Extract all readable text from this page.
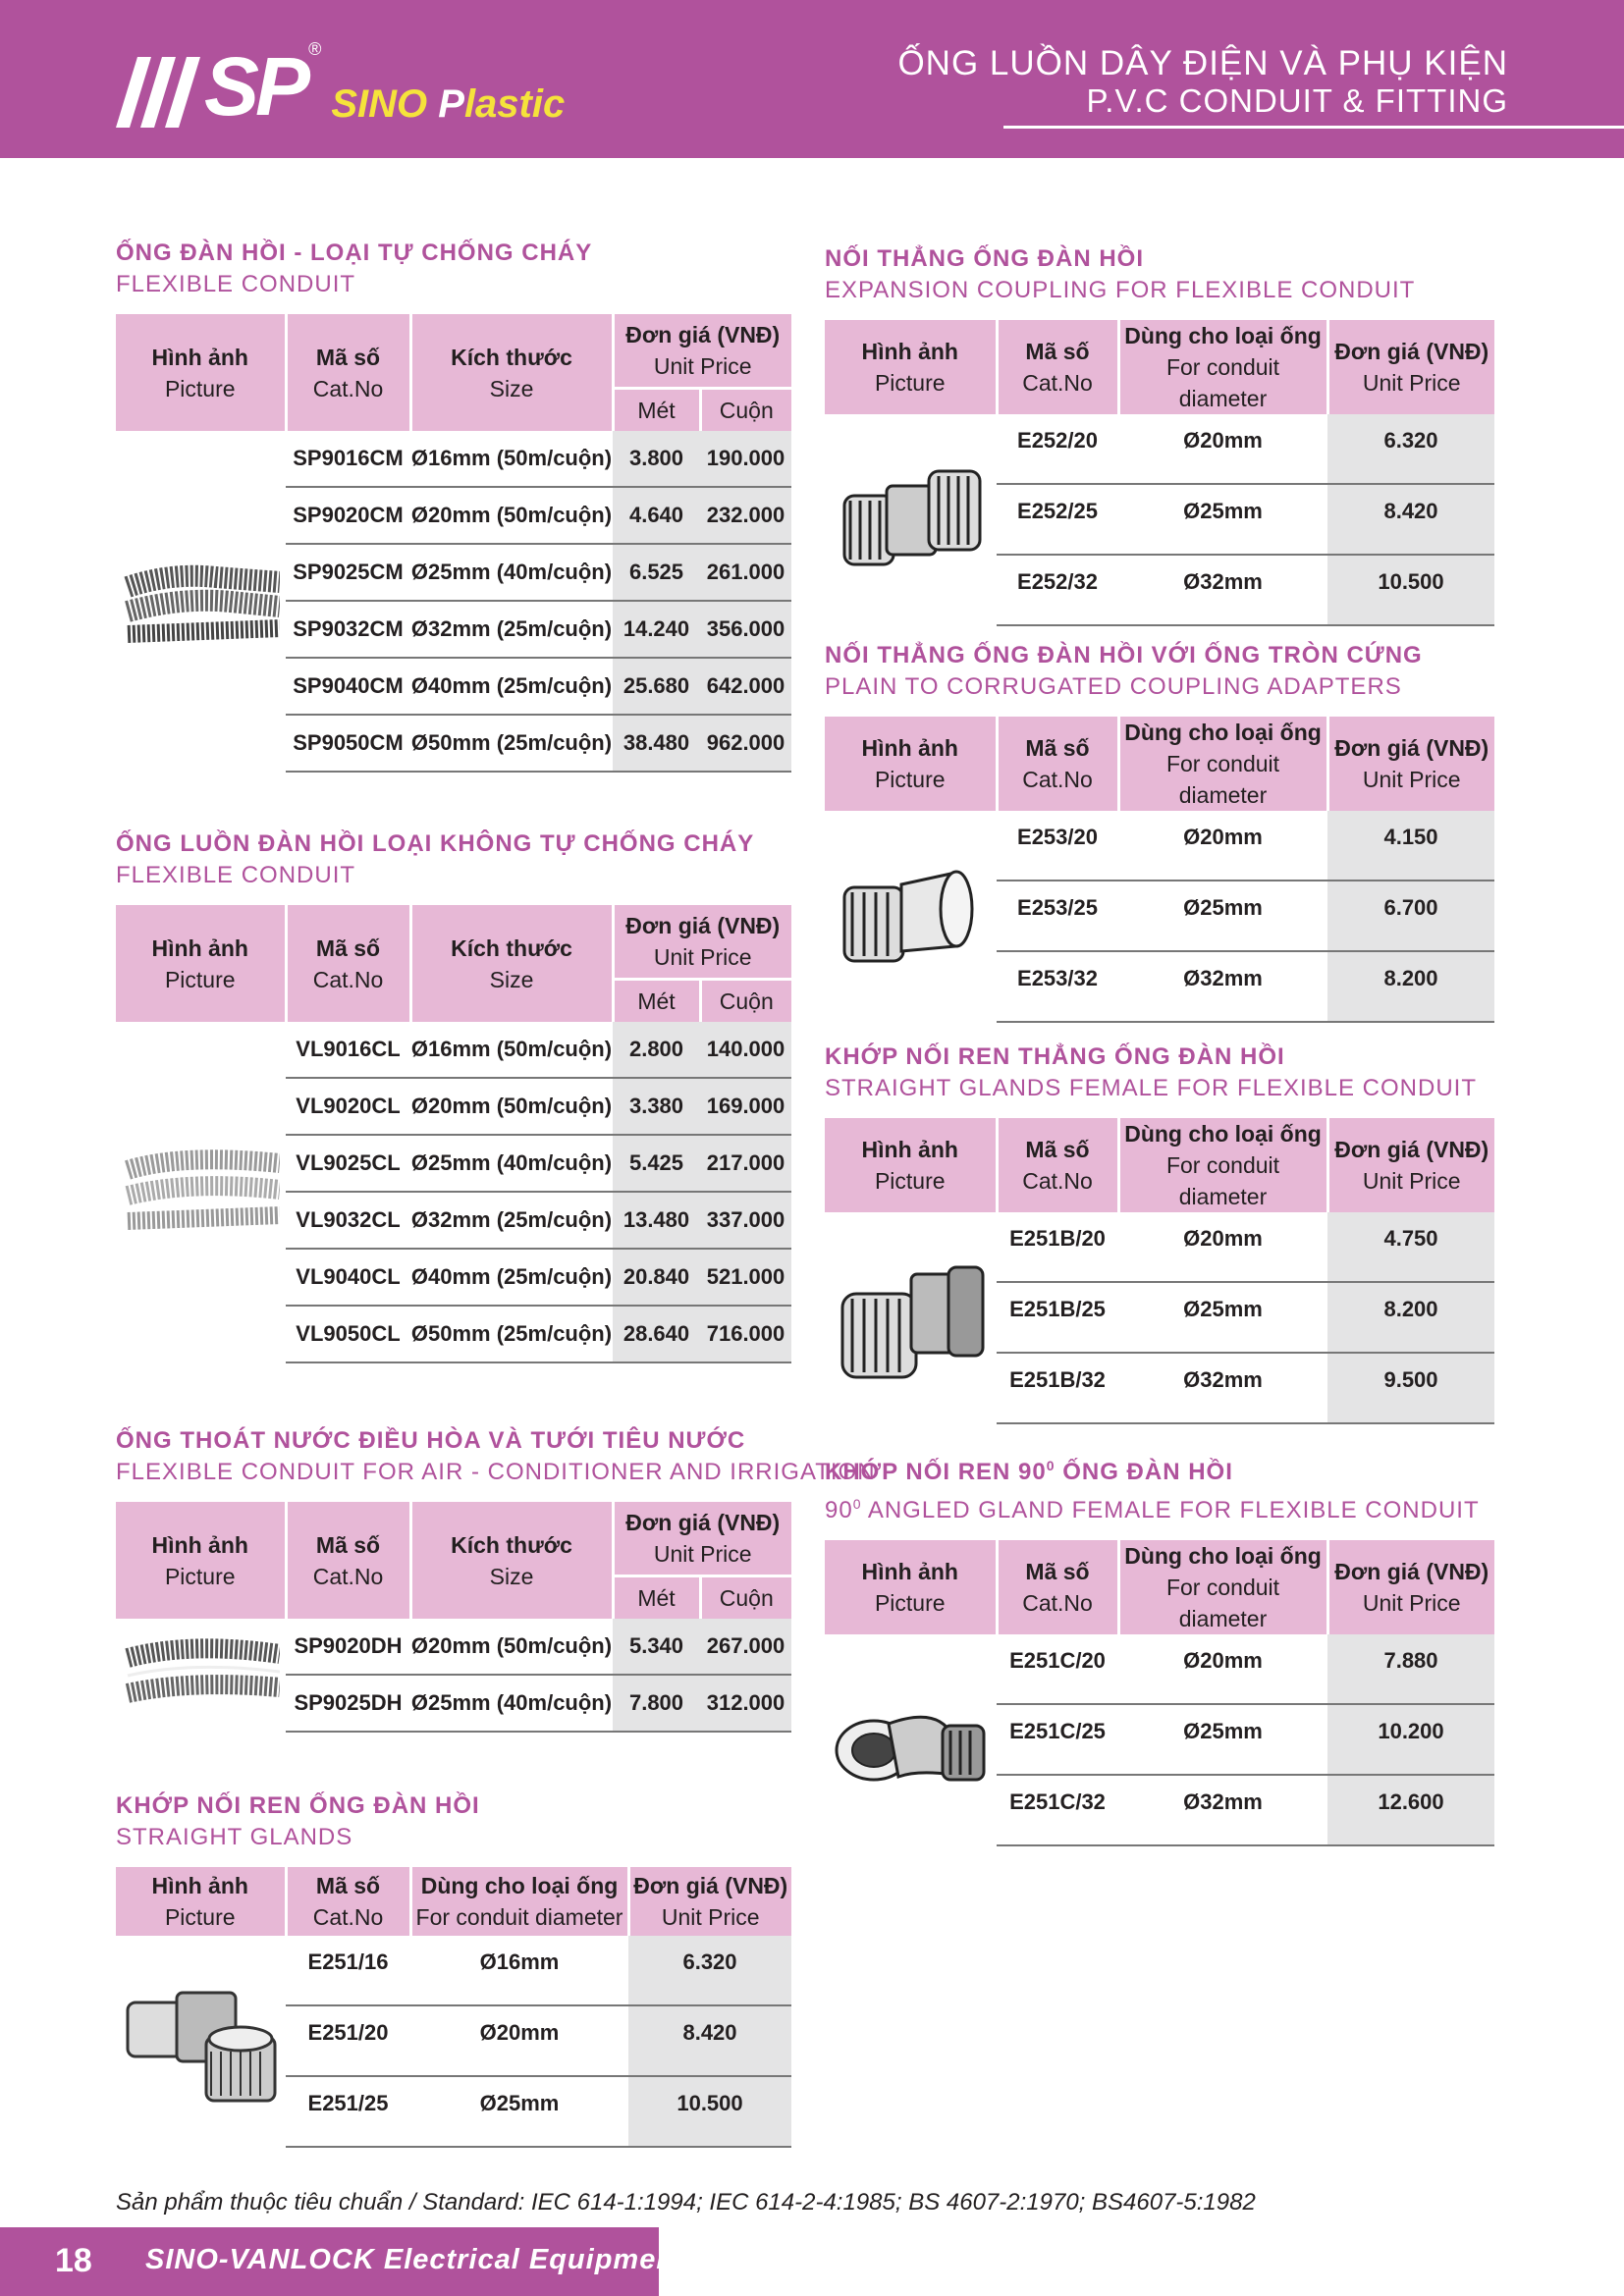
SP ®
SINO Plastic
ỐNG LUỒN DÂY ĐIỆN VÀ PHỤ KIỆN
P.V.C CONDUIT & FITTING
ỐNG ĐÀN HỒI - LOẠI TỰ CHỐNG CHÁY
FLEXIBLE CONDUIT
Hình ảnh
Picture	Mã số
Cat.No	Kích thước
Size	Đơn giá (VNĐ)
Unit Price	

			Mét	Cuộn

	SP9016CM	Ø16mm (50m/cuộn)	3.800	190.000
	SP9020CM	Ø20mm (50m/cuộn)	4.640	232.000
	SP9025CM	Ø25mm (40m/cuộn)	6.525	261.000
	SP9032CM	Ø32mm (25m/cuộn)	14.240	356.000
	SP9040CM	Ø40mm (25m/cuộn)	25.680	642.000
	SP9050CM	Ø50mm (25m/cuộn)	38.480	962.000
ỐNG LUỒN ĐÀN HỒI LOẠI KHÔNG TỰ CHỐNG CHÁY
FLEXIBLE CONDUIT
Hình ảnh
Picture	Mã số
Cat.No	Kích thước
Size	Đơn giá (VNĐ)
Unit Price	

			Mét	Cuộn

	VL9016CL	Ø16mm (50m/cuộn)	2.800	140.000
	VL9020CL	Ø20mm (50m/cuộn)	3.380	169.000
	VL9025CL	Ø25mm (40m/cuộn)	5.425	217.000
	VL9032CL	Ø32mm (25m/cuộn)	13.480	337.000
	VL9040CL	Ø40mm (25m/cuộn)	20.840	521.000
	VL9050CL	Ø50mm (25m/cuộn)	28.640	716.000
ỐNG THOÁT NƯỚC ĐIỀU HÒA VÀ TƯỚI TIÊU NƯỚC
FLEXIBLE CONDUIT FOR AIR - CONDITIONER AND IRRIGATION
Hình ảnh
Picture	Mã số
Cat.No	Kích thước
Size	Đơn giá (VNĐ)
Unit Price	

			Mét	Cuộn

	SP9020DH	Ø20mm (50m/cuộn)	5.340	267.000
	SP9025DH	Ø25mm (40m/cuộn)	7.800	312.000
KHỚP NỐI REN ỐNG ĐÀN HỒI
STRAIGHT GLANDS
Hình ảnh
Picture	Mã số
Cat.No	Dùng cho loại ống
For conduit diameter	Đơn giá (VNĐ)
Unit Price

	E251/16	Ø16mm	6.320
	E251/20	Ø20mm	8.420
	E251/25	Ø25mm	10.500
NỐI THẲNG ỐNG ĐÀN HỒI
EXPANSION COUPLING FOR FLEXIBLE CONDUIT
Hình ảnh
Picture	Mã số
Cat.No	Dùng cho loại ống
For conduit diameter	Đơn giá (VNĐ)
Unit Price

	E252/20	Ø20mm	6.320
	E252/25	Ø25mm	8.420
	E252/32	Ø32mm	10.500
NỐI THẲNG ỐNG ĐÀN HỒI VỚI ỐNG TRÒN CỨNG
PLAIN TO CORRUGATED COUPLING ADAPTERS
Hình ảnh
Picture	Mã số
Cat.No	Dùng cho loại ống
For conduit diameter	Đơn giá (VNĐ)
Unit Price

	E253/20	Ø20mm	4.150
	E253/25	Ø25mm	6.700
	E253/32	Ø32mm	8.200
KHỚP NỐI REN THẲNG ỐNG ĐÀN HỒI
STRAIGHT GLANDS FEMALE FOR FLEXIBLE CONDUIT
Hình ảnh
Picture	Mã số
Cat.No	Dùng cho loại ống
For conduit diameter	Đơn giá (VNĐ)
Unit Price

	E251B/20	Ø20mm	4.750
	E251B/25	Ø25mm	8.200
	E251B/32	Ø32mm	9.500
KHỚP NỐI REN $90^0$ ỐNG ĐÀN HỒI
$90^0$ ANGLED GLAND FEMALE FOR FLEXIBLE CONDUIT
Hình ảnh
Picture	Mã số
Cat.No	Dùng cho loại ống
For conduit diameter	Đơn giá (VNĐ)
Unit Price

	E251C/20	Ø20mm	7.880
	E251C/25	Ø25mm	10.200
	E251C/32	Ø32mm	12.600
Sản phẩm thuộc tiêu chuẩn / Standard: IEC 614-1:1994; IEC 614-2-4:1985; BS 4607-2:1970; BS4607-5:1982
18 SINO-VANLOCK Electrical Equipment
